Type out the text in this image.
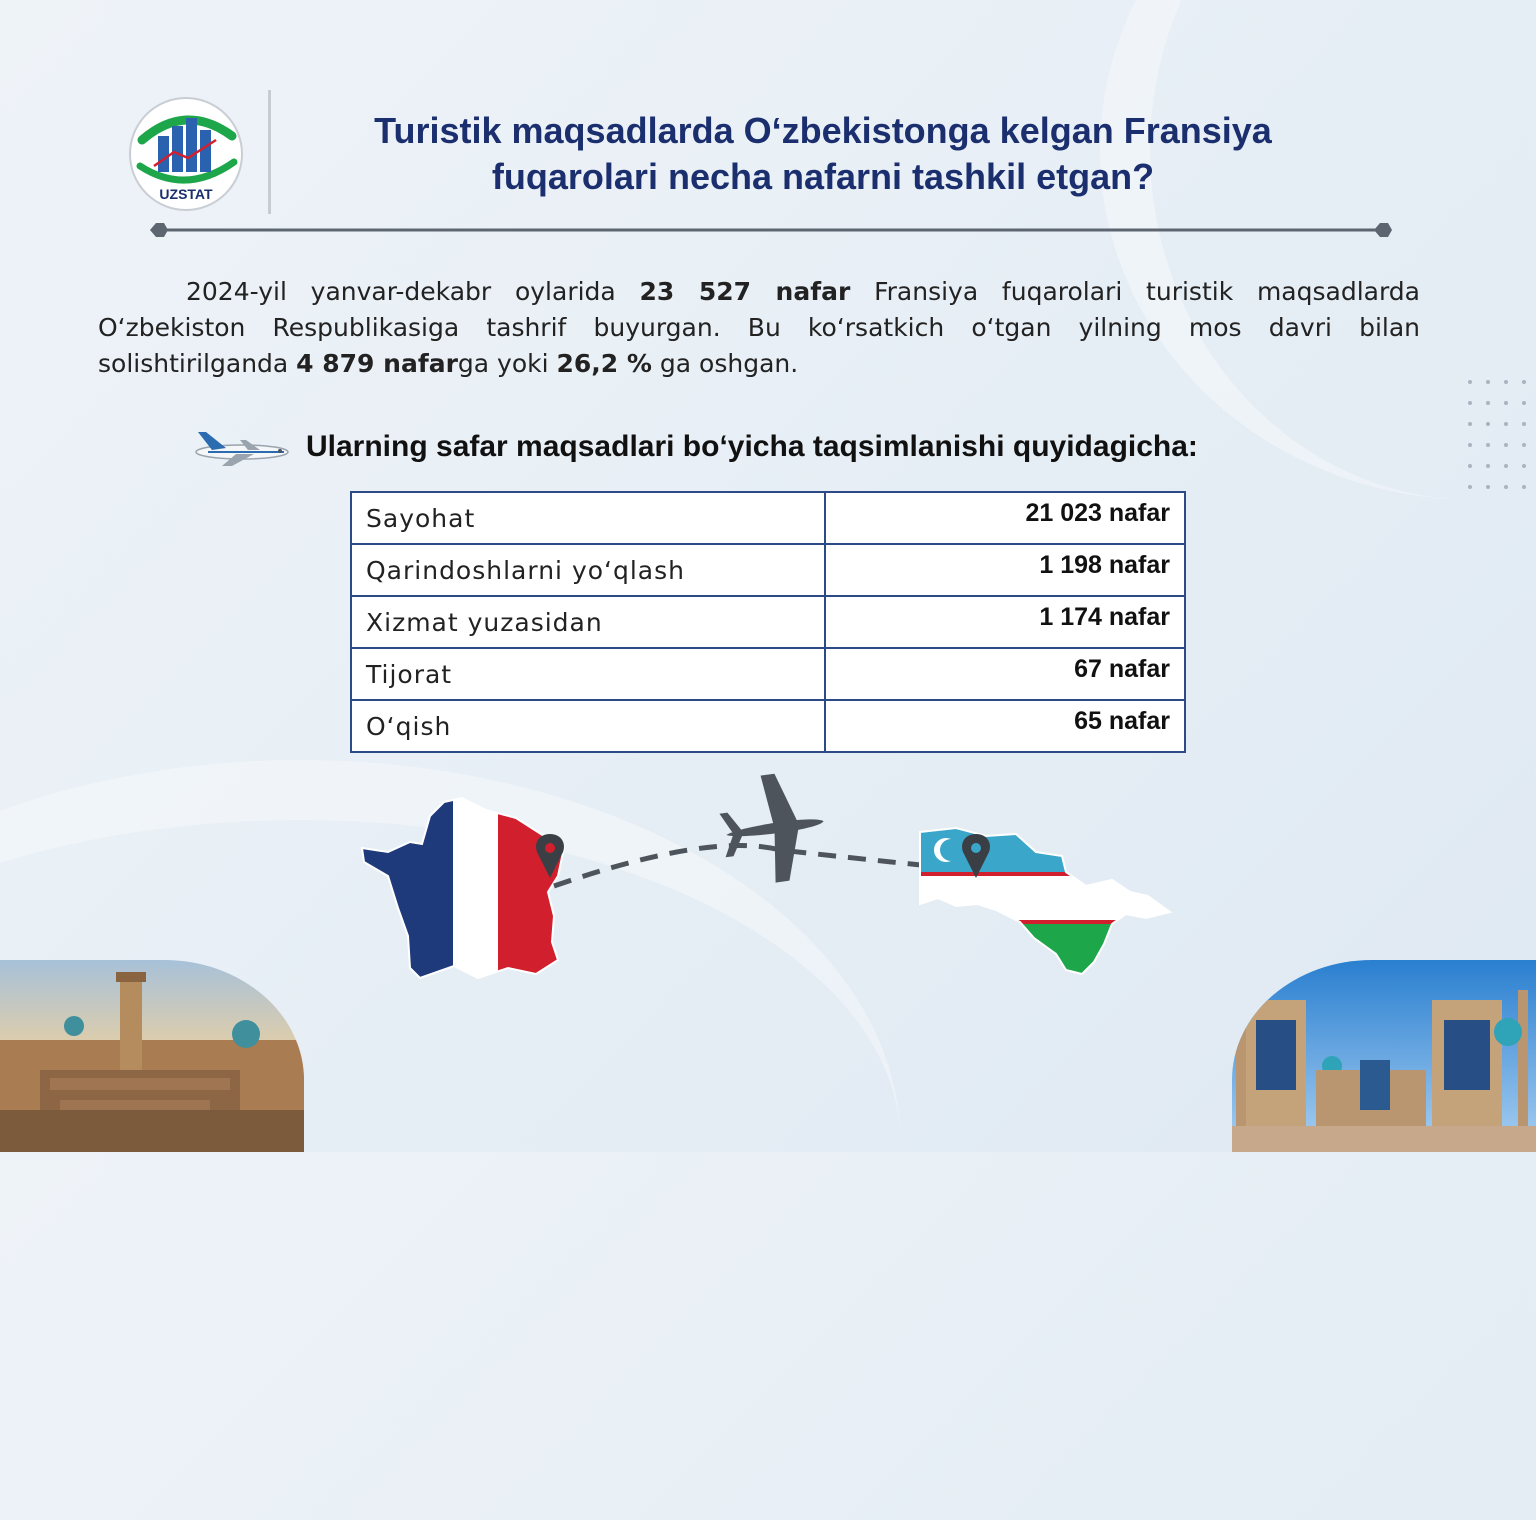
UZSTAT
Turistik maqsadlarda O‘zbekistonga kelgan Fransiya
fuqarolari necha nafarni tashkil etgan?
2024-yil yanvar-dekabr oylarida 23 527 nafar Fransiya fuqarolari turistik maqsadlarda O‘zbekiston Respublikasiga tashrif buyurgan. Bu ko‘rsatkich o‘tgan yilning mos davri bilan solishtirilganda 4 879 nafarga yoki 26,2 % ga oshgan.
Ularning safar maqsadlari bo‘yicha taqsimlanishi quyidagicha:
Sayohat	21 023 nafar
Qarindoshlarni yo‘qlash	1 198 nafar
Xizmat yuzasidan	1 174 nafar
Tijorat	67 nafar
O‘qish	65 nafar
